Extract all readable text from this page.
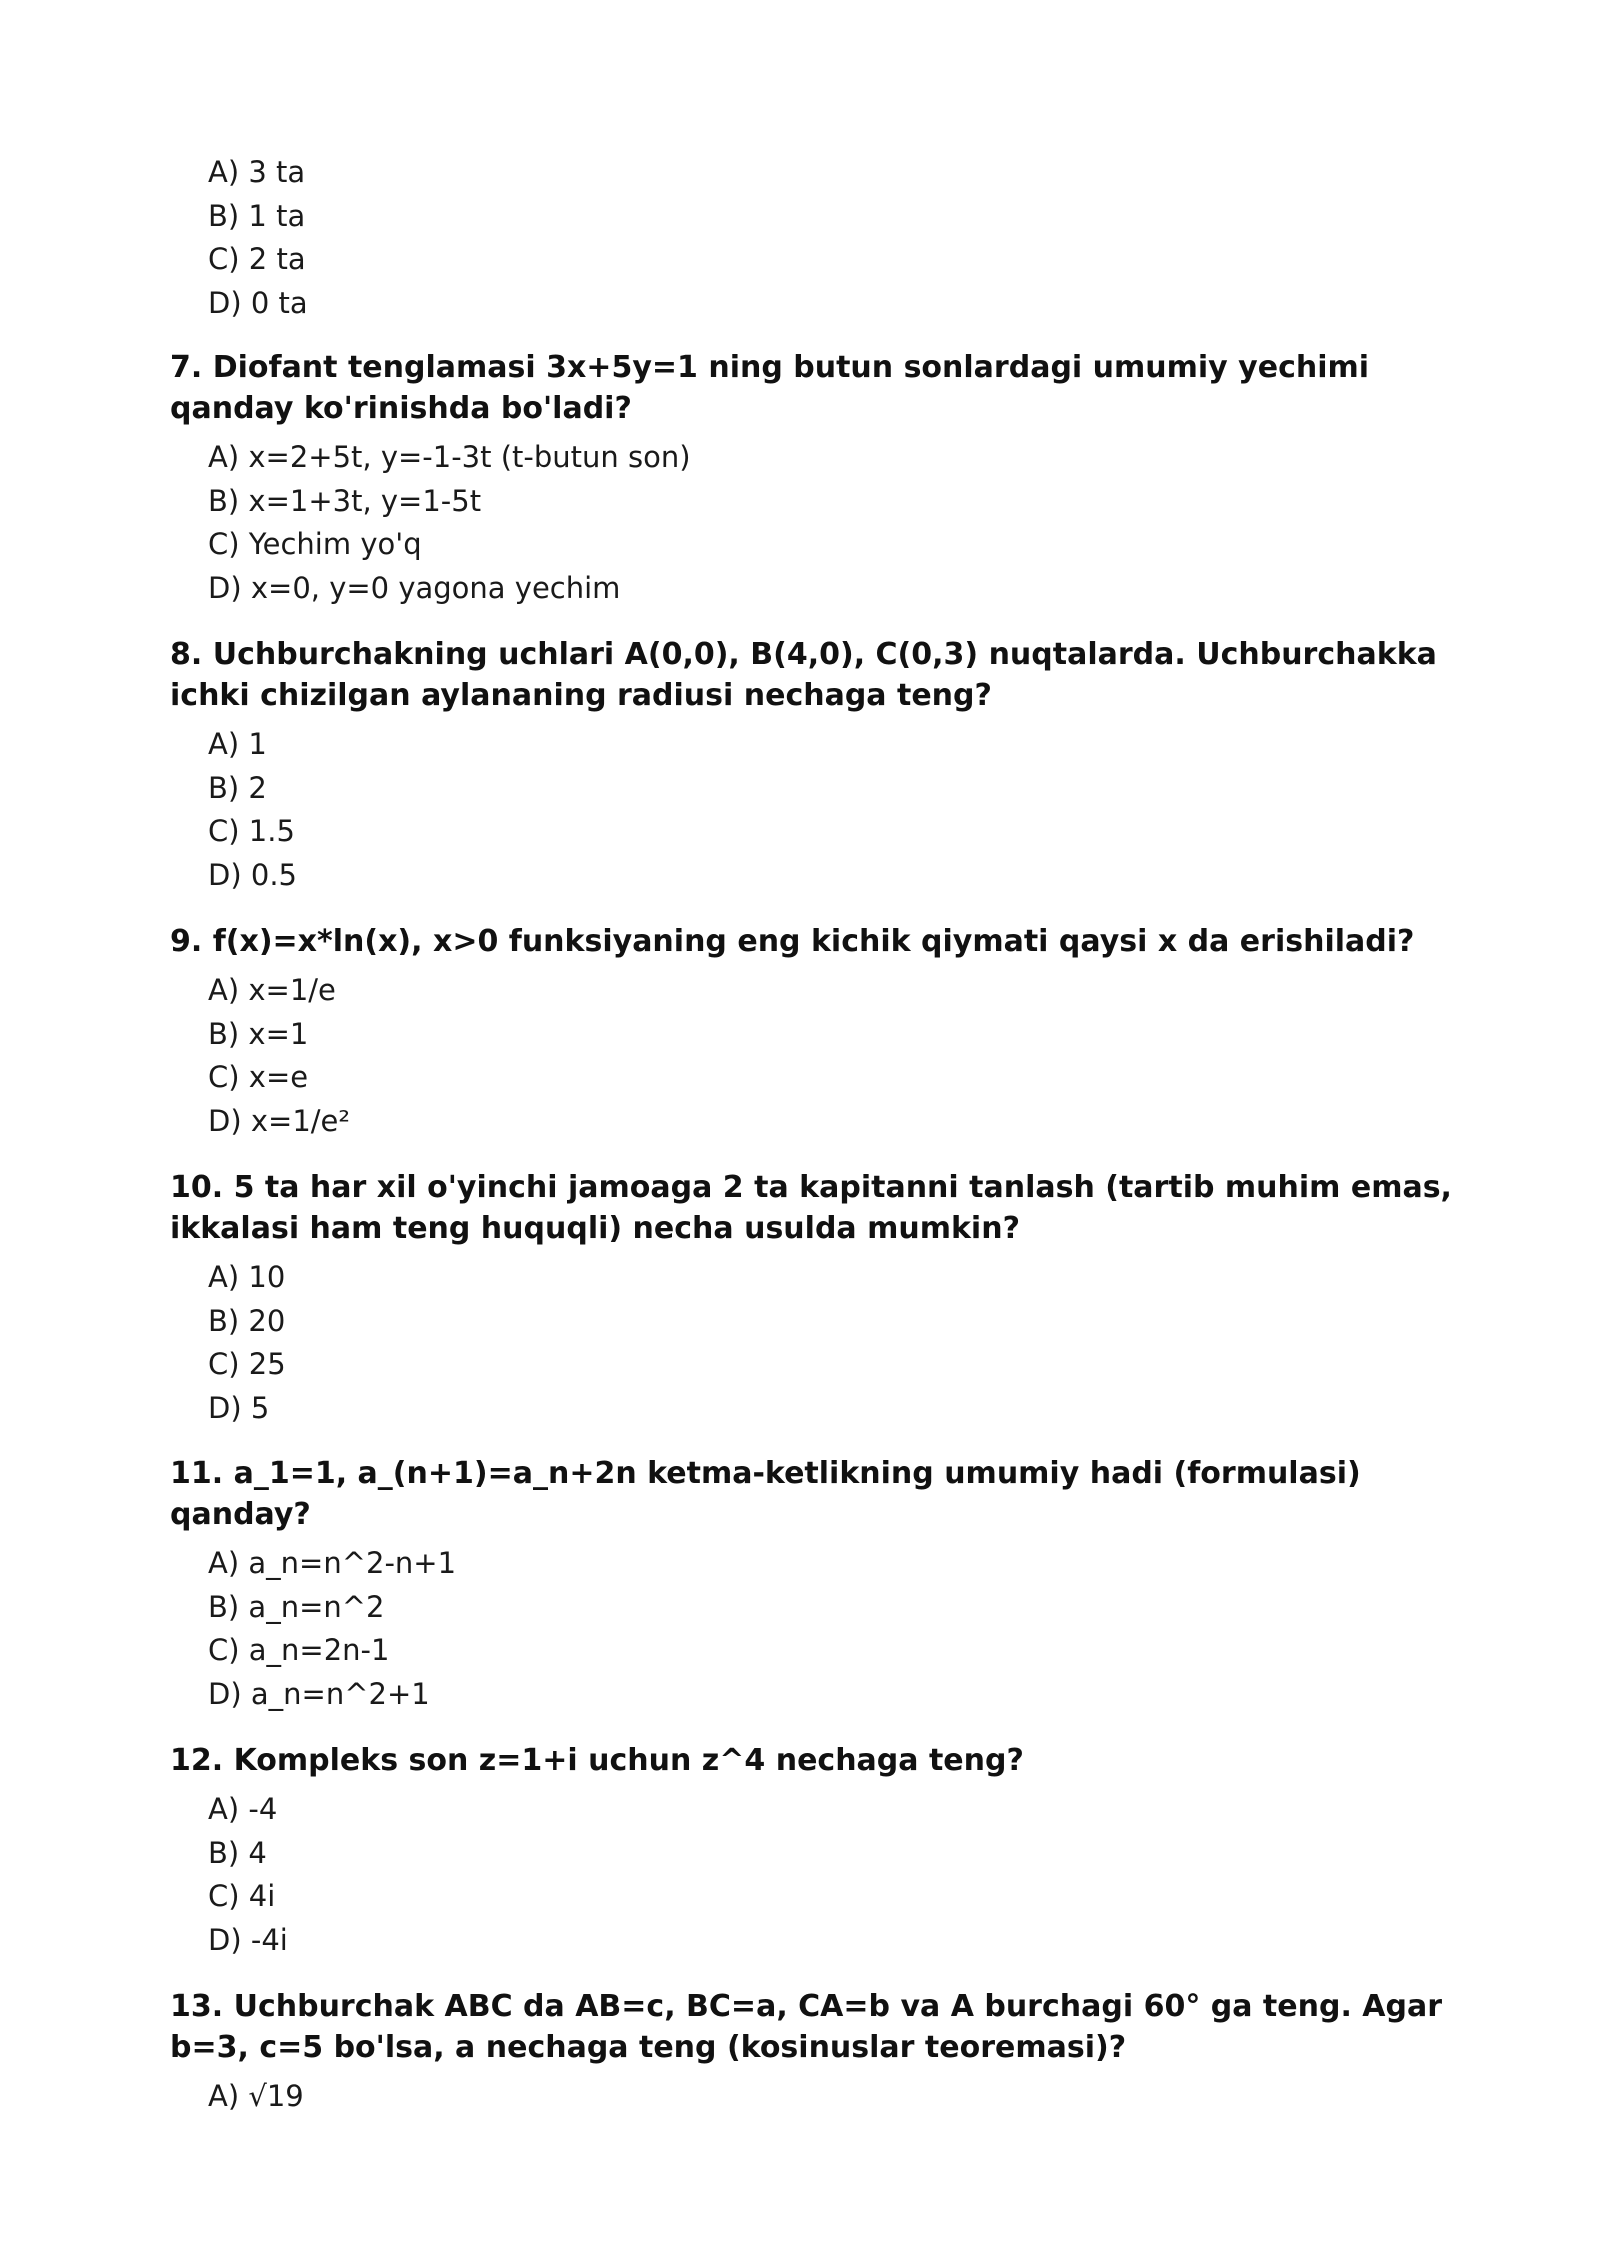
A) 3 ta
B) 1 ta
C) 2 ta
D) 0 ta

7. Diofant tenglamasi 3x+5y=1 ning butun sonlardagi umumiy yechimi qanday ko'rinishda bo'ladi?

A) x=2+5t, y=-1-3t (t-butun son)
B) x=1+3t, y=1-5t
C) Yechim yo'q
D) x=0, y=0 yagona yechim

8. Uchburchakning uchlari A(0,0), B(4,0), C(0,3) nuqtalarda. Uchburchakka ichki chizilgan aylananing radiusi nechaga teng?

A) 1
B) 2
C) 1.5
D) 0.5

9. f(x)=x*ln(x), x>0 funksiyaning eng kichik qiymati qaysi x da erishiladi?

A) x=1/e
B) x=1
C) x=e
D) x=1/e²

10. 5 ta har xil o'yinchi jamoaga 2 ta kapitanni tanlash (tartib muhim emas, ikkalasi ham teng huquqli) necha usulda mumkin?

A) 10
B) 20
C) 25
D) 5

11. a_1=1, a_(n+1)=a_n+2n ketma-ketlikning umumiy hadi (formulasi) qanday?

A) a_n=n^2-n+1
B) a_n=n^2
C) a_n=2n-1
D) a_n=n^2+1

12. Kompleks son z=1+i uchun z^4 nechaga teng?

A) -4
B) 4
C) 4i
D) -4i

13. Uchburchak ABC da AB=c, BC=a, CA=b va A burchagi 60° ga teng. Agar b=3, c=5 bo'lsa, a nechaga teng (kosinuslar teoremasi)?

A) √19
